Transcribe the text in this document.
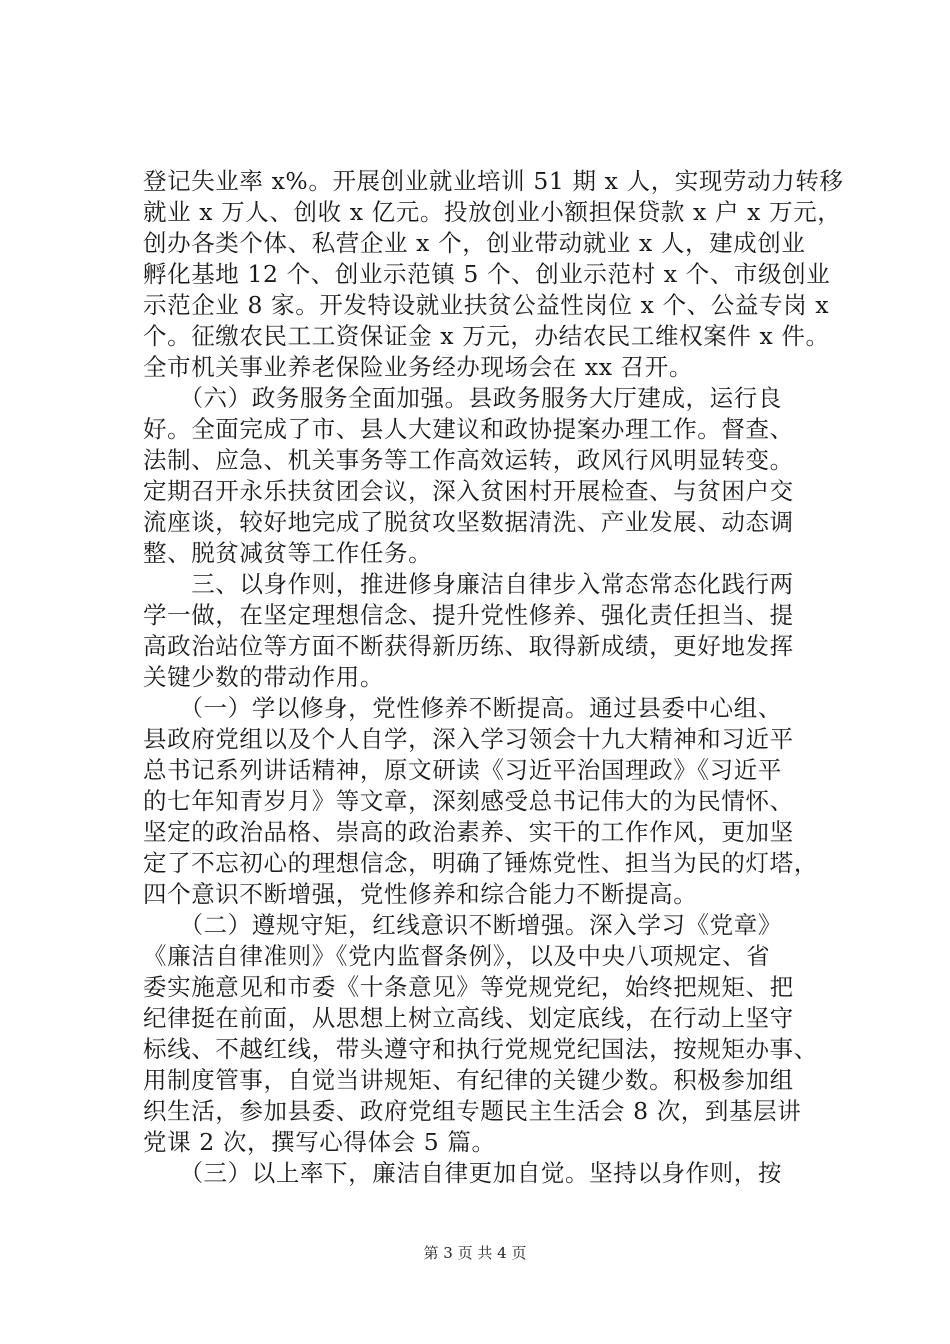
登记失业率 x%。开展创业就业培训 51 期 x 人，实现劳动力转移
就业 x 万人、创收 x 亿元。投放创业小额担保贷款 x 户 x 万元，
创办各类个体、私营企业 x 个，创业带动就业 x 人，建成创业
孵化基地 12 个、创业示范镇 5 个、创业示范村 x 个、市级创业
示范企业 8 家。开发特设就业扶贫公益性岗位 x 个、公益专岗 x
个。征缴农民工工资保证金 x 万元，办结农民工维权案件 x 件。
全市机关事业养老保险业务经办现场会在 xx 召开。
　　（六）政务服务全面加强。县政务服务大厅建成，运行良
好。全面完成了市、县人大建议和政协提案办理工作。督查、
法制、应急、机关事务等工作高效运转，政风行风明显转变。
定期召开永乐扶贫团会议，深入贫困村开展检查、与贫困户交
流座谈，较好地完成了脱贫攻坚数据清洗、产业发展、动态调
整、脱贫减贫等工作任务。
　　三、以身作则，推进修身廉洁自律步入常态常态化践行两
学一做，在坚定理想信念、提升党性修养、强化责任担当、提
高政治站位等方面不断获得新历练、取得新成绩，更好地发挥
关键少数的带动作用。
　　（一）学以修身，党性修养不断提高。通过县委中心组、
县政府党组以及个人自学，深入学习领会十九大精神和习近平
总书记系列讲话精神，原文研读《习近平治国理政》《习近平
的七年知青岁月》等文章，深刻感受总书记伟大的为民情怀、
坚定的政治品格、崇高的政治素养、实干的工作作风，更加坚
定了不忘初心的理想信念，明确了锤炼党性、担当为民的灯塔，
四个意识不断增强，党性修养和综合能力不断提高。
　　（二）遵规守矩，红线意识不断增强。深入学习《党章》
《廉洁自律准则》《党内监督条例》，以及中央八项规定、省
委实施意见和市委《十条意见》等党规党纪，始终把规矩、把
纪律挺在前面，从思想上树立高线、划定底线，在行动上坚守
标线、不越红线，带头遵守和执行党规党纪国法，按规矩办事、
用制度管事，自觉当讲规矩、有纪律的关键少数。积极参加组
织生活，参加县委、政府党组专题民主生活会 8 次，到基层讲
党课 2 次，撰写心得体会 5 篇。
　　（三）以上率下，廉洁自律更加自觉。坚持以身作则，按
第 3 页 共 4 页
